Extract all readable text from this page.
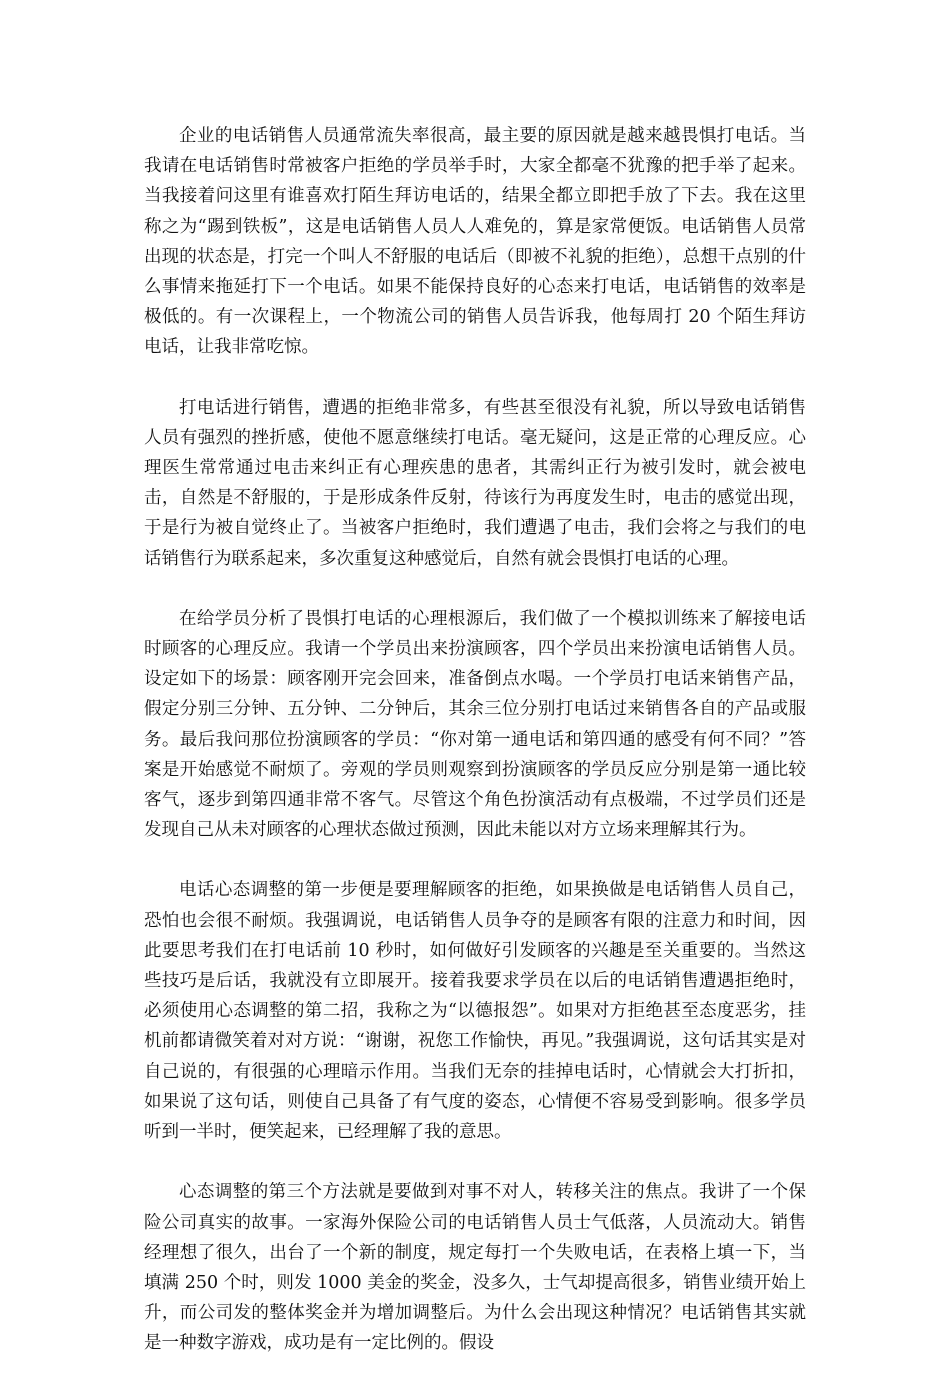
企业的电话销售人员通常流失率很高，最主要的原因就是越来越畏惧打电话。当我请在电话销售时常被客户拒绝的学员举手时，大家全都毫不犹豫的把手举了起来。当我接着问这里有谁喜欢打陌生拜访电话的，结果全都立即把手放了下去。我在这里称之为“踢到铁板”，这是电话销售人员人人难免的，算是家常便饭。电话销售人员常出现的状态是，打完一个叫人不舒服的电话后（即被不礼貌的拒绝），总想干点别的什么事情来拖延打下一个电话。如果不能保持良好的心态来打电话，电话销售的效率是极低的。有一次课程上，一个物流公司的销售人员告诉我，他每周打 20 个陌生拜访电话，让我非常吃惊。

打电话进行销售，遭遇的拒绝非常多，有些甚至很没有礼貌，所以导致电话销售人员有强烈的挫折感，使他不愿意继续打电话。毫无疑问，这是正常的心理反应。心理医生常常通过电击来纠正有心理疾患的患者，其需纠正行为被引发时，就会被电击，自然是不舒服的，于是形成条件反射，待该行为再度发生时，电击的感觉出现，于是行为被自觉终止了。当被客户拒绝时，我们遭遇了电击，我们会将之与我们的电话销售行为联系起来，多次重复这种感觉后，自然有就会畏惧打电话的心理。

在给学员分析了畏惧打电话的心理根源后，我们做了一个模拟训练来了解接电话时顾客的心理反应。我请一个学员出来扮演顾客，四个学员出来扮演电话销售人员。设定如下的场景：顾客刚开完会回来，准备倒点水喝。一个学员打电话来销售产品，假定分别三分钟、五分钟、二分钟后，其余三位分别打电话过来销售各自的产品或服务。最后我问那位扮演顾客的学员：“你对第一通电话和第四通的感受有何不同？”答案是开始感觉不耐烦了。旁观的学员则观察到扮演顾客的学员反应分别是第一通比较客气，逐步到第四通非常不客气。尽管这个角色扮演活动有点极端，不过学员们还是发现自己从未对顾客的心理状态做过预测，因此未能以对方立场来理解其行为。

电话心态调整的第一步便是要理解顾客的拒绝，如果换做是电话销售人员自己，恐怕也会很不耐烦。我强调说，电话销售人员争夺的是顾客有限的注意力和时间，因此要思考我们在打电话前 10 秒时，如何做好引发顾客的兴趣是至关重要的。当然这些技巧是后话，我就没有立即展开。接着我要求学员在以后的电话销售遭遇拒绝时，必须使用心态调整的第二招，我称之为“以德报怨”。如果对方拒绝甚至态度恶劣，挂机前都请微笑着对对方说：“谢谢，祝您工作愉快，再见。”我强调说，这句话其实是对自己说的，有很强的心理暗示作用。当我们无奈的挂掉电话时，心情就会大打折扣，如果说了这句话，则使自己具备了有气度的姿态，心情便不容易受到影响。很多学员听到一半时，便笑起来，已经理解了我的意思。

心态调整的第三个方法就是要做到对事不对人，转移关注的焦点。我讲了一个保险公司真实的故事。一家海外保险公司的电话销售人员士气低落，人员流动大。销售经理想了很久，出台了一个新的制度，规定每打一个失败电话，在表格上填一下，当填满 250 个时，则发 1000 美金的奖金，没多久，士气却提高很多，销售业绩开始上升，而公司发的整体奖金并为增加调整后。为什么会出现这种情况？电话销售其实就是一种数字游戏，成功是有一定比例的。假设
